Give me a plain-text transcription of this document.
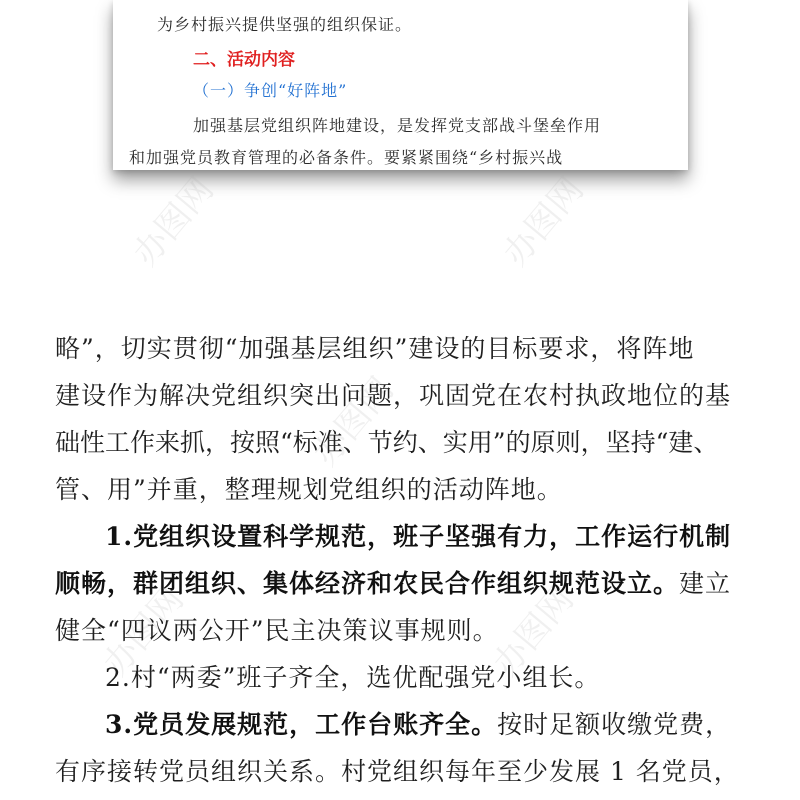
为乡村振兴提供坚强的组织保证。

二、活动内容

（一）争创“好阵地”

加强基层党组织阵地建设，是发挥党支部战斗堡垒作用

和加强党员教育管理的必备条件。要紧紧围绕“乡村振兴战

办图网	办图网
办图网
办图网	办图网

略”，切实贯彻“加强基层组织”建设的目标要求，将阵地

建设作为解决党组织突出问题，巩固党在农村执政地位的基

础性工作来抓，按照“标准、节约、实用”的原则，坚持“建、

管、用”并重，整理规划党组织的活动阵地。

1.党组织设置科学规范，班子坚强有力，工作运行机制

顺畅，群团组织、集体经济和农民合作组织规范设立。建立

健全“四议两公开”民主决策议事规则。

2.村“两委”班子齐全，选优配强党小组长。

3.党员发展规范，工作台账齐全。按时足额收缴党费，

有序接转党员组织关系。村党组织每年至少发展 1 名党员，
